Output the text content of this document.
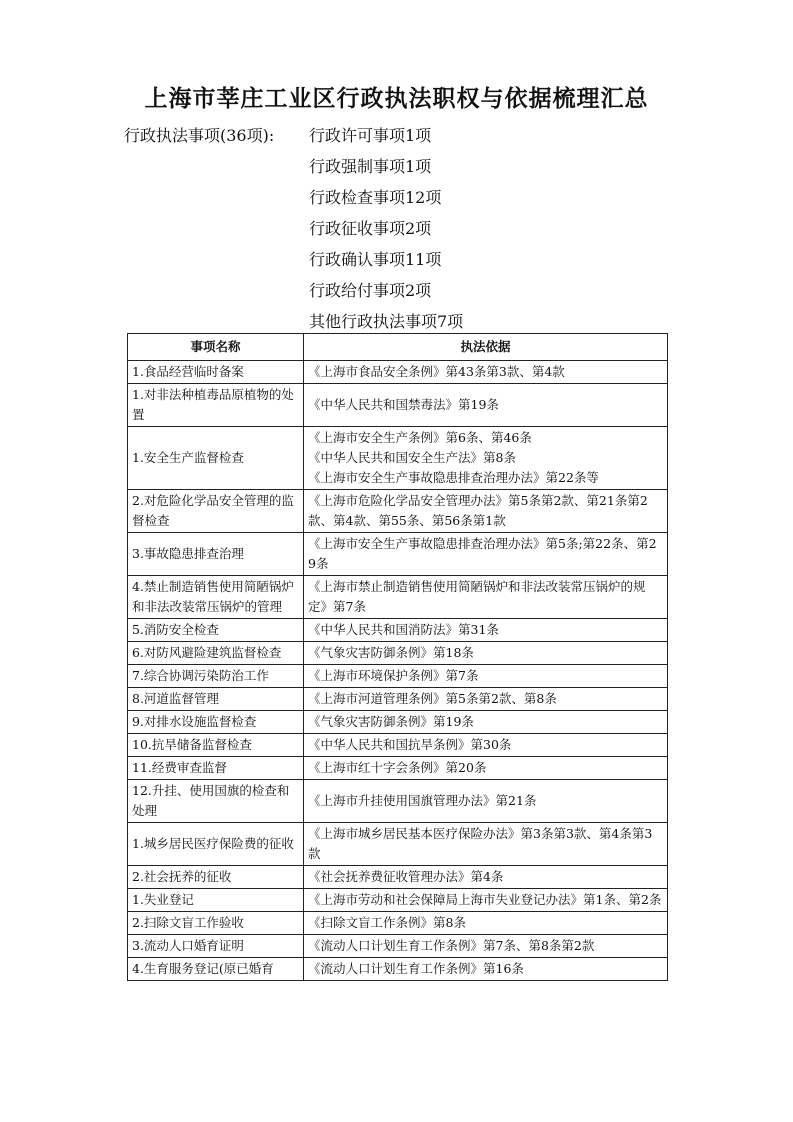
上海市莘庄工业区行政执法职权与依据梳理汇总
行政执法事项(36项):	行政许可事项1项
行政强制事项1项
行政检查事项12项
行政征收事项2项
行政确认事项11项
行政给付事项2项
其他行政执法事项7项
事项名称	执法依据
1.食品经营临时备案	《上海市食品安全条例》第43条第3款、第4款

1.对非法种植毒品原植物的处置	《中华人民共和国禁毒法》第19条

1.安全生产监督检查	《上海市安全生产条例》第6条、第46条
《中华人民共和国安全生产法》第8条
《上海市安全生产事故隐患排查治理办法》第22条等

2.对危险化学品安全管理的监督检查	《上海市危险化学品安全管理办法》第5条第2款、第21条第2款、第4款、第55条、第56条第1款

3.事故隐患排查治理	《上海市安全生产事故隐患排查治理办法》第5条;第22条、第29条

4.禁止制造销售使用简陋锅炉和非法改装常压锅炉的管理	《上海市禁止制造销售使用简陋锅炉和非法改装常压锅炉的规定》第7条

5.消防安全检查	《中华人民共和国消防法》第31条

6.对防风避险建筑监督检查	《气象灾害防御条例》第18条

7.综合协调污染防治工作	《上海市环境保护条例》第7条

8.河道监督管理	《上海市河道管理条例》第5条第2款、第8条

9.对排水设施监督检查	《气象灾害防御条例》第19条

10.抗旱储备监督检查	《中华人民共和国抗旱条例》第30条

11.经费审查监督	《上海市红十字会条例》第20条

12.升挂、使用国旗的检查和处理	《上海市升挂使用国旗管理办法》第21条

1.城乡居民医疗保险费的征收	《上海市城乡居民基本医疗保险办法》第3条第3款、第4条第3款

2.社会抚养的征收	《社会抚养费征收管理办法》第4条

1.失业登记	《上海市劳动和社会保障局上海市失业登记办法》第1条、第2条

2.扫除文盲工作验收	《扫除文盲工作条例》第8条

3.流动人口婚育证明	《流动人口计划生育工作条例》第7条、第8条第2款

4.生育服务登记(原已婚育	《流动人口计划生育工作条例》第16条
